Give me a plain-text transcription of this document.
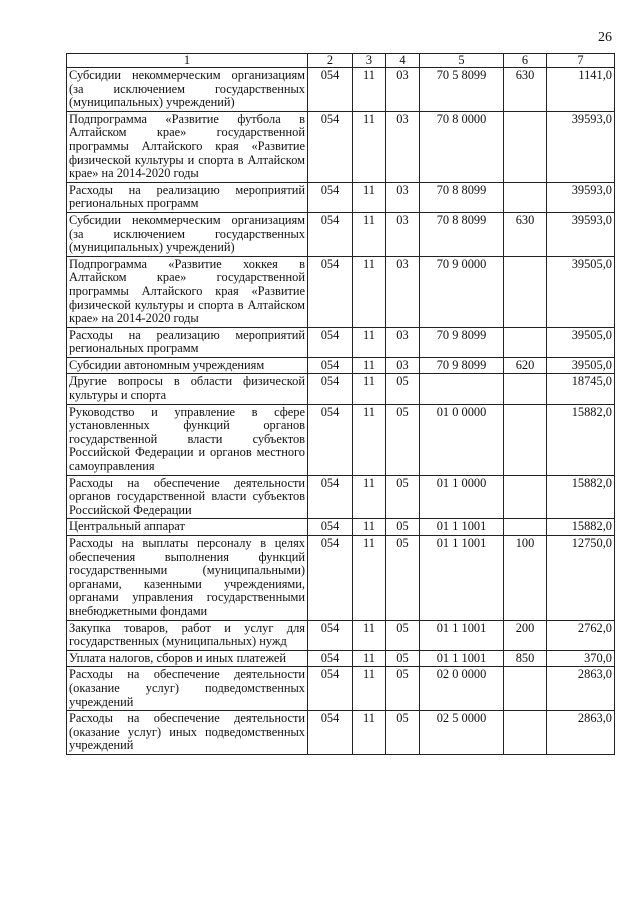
26
1	2	3	4	5	6	7
Субсидии некоммерческим организациям (за исключением государственных (муниципальных) учреждений)	054	11	03	70 5 8099	630	1141,0
Подпрограмма «Развитие футбола в Алтайском крае» государственной программы Алтайского края «Развитие физической культуры и спорта в Алтайском крае» на 2014-2020 годы	054	11	03	70 8 0000		39593,0
Расходы на реализацию мероприятий региональных программ	054	11	03	70 8 8099		39593,0
Субсидии некоммерческим организациям (за исключением государственных (муниципальных) учреждений)	054	11	03	70 8 8099	630	39593,0
Подпрограмма «Развитие хоккея в Алтайском крае» государственной программы Алтайского края «Развитие физической культуры и спорта в Алтайском крае» на 2014-2020 годы	054	11	03	70 9 0000		39505,0
Расходы на реализацию мероприятий региональных программ	054	11	03	70 9 8099		39505,0
Субсидии автономным учреждениям	054	11	03	70 9 8099	620	39505,0
Другие вопросы в области физической культуры и спорта	054	11	05			18745,0
Руководство и управление в сфере установленных функций органов государственной власти субъектов Российской Федерации и органов местного самоуправления	054	11	05	01 0 0000		15882,0
Расходы на обеспечение деятельности органов государственной власти субъектов Российской Федерации	054	11	05	01 1 0000		15882,0
Центральный аппарат	054	11	05	01 1 1001		15882,0
Расходы на выплаты персоналу в целях обеспечения выполнения функций государственными (муниципальными) органами, казенными учреждениями, органами управления государственными внебюджетными фондами	054	11	05	01 1 1001	100	12750,0
Закупка товаров, работ и услуг для государственных (муниципальных) нужд	054	11	05	01 1 1001	200	2762,0
Уплата налогов, сборов и иных платежей	054	11	05	01 1 1001	850	370,0
Расходы на обеспечение деятельности (оказание услуг) подведомственных учреждений	054	11	05	02 0 0000		2863,0
Расходы на обеспечение деятельности (оказание услуг) иных подведомственных учреждений	054	11	05	02 5 0000		2863,0
